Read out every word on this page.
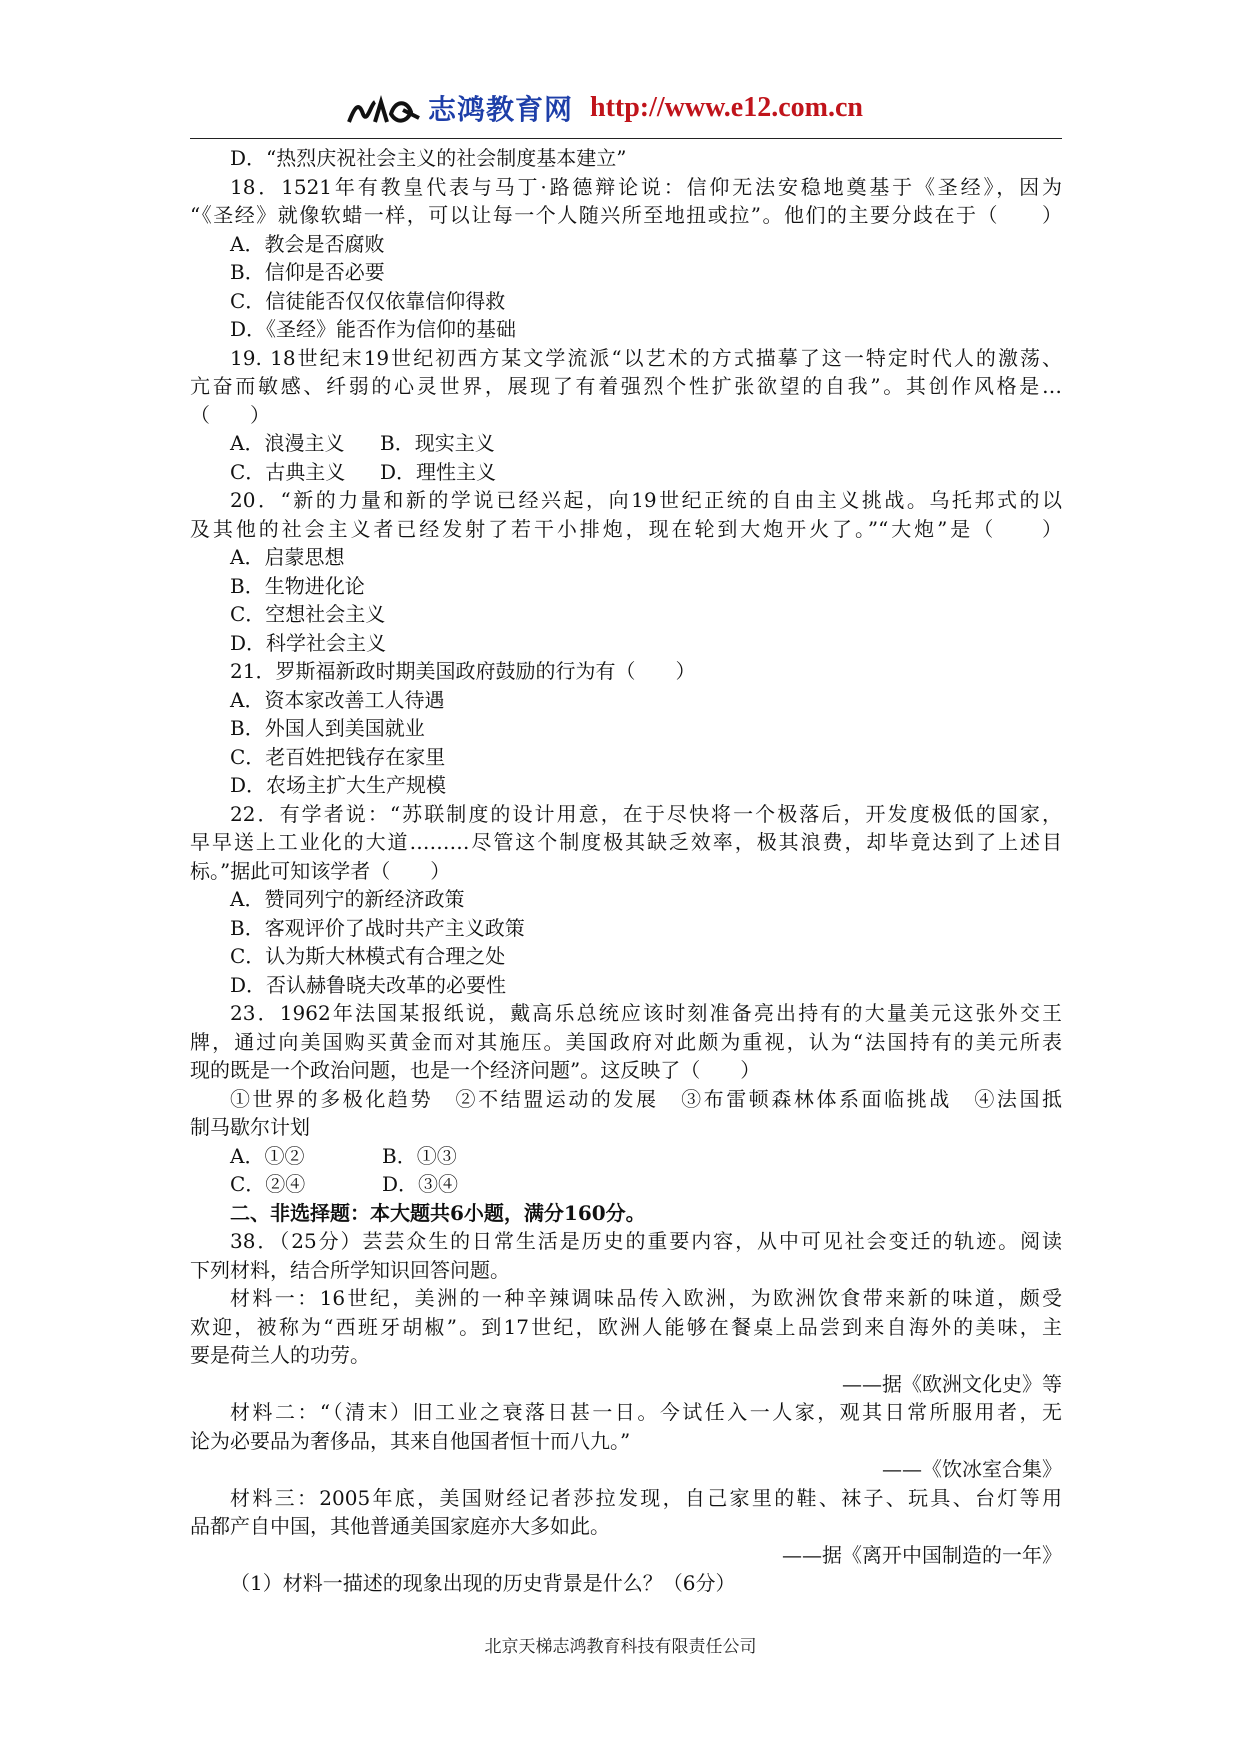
志鸿教育网 http://www.e12.com.cn
D．“热烈庆祝社会主义的社会制度基本建立”
18．1521年有教皇代表与马丁·路德辩论说：信仰无法安稳地奠基于《圣经》，因为
“《圣经》就像软蜡一样，可以让每一个人随兴所至地扭或拉”。他们的主要分歧在于（　　）
A．教会是否腐败
B．信仰是否必要
C．信徒能否仅仅依靠信仰得救
D．《圣经》能否作为信仰的基础
19. 18世纪末19世纪初西方某文学流派“以艺术的方式描摹了这一特定时代人的激荡、
亢奋而敏感、纤弱的心灵世界，展现了有着强烈个性扩张欲望的自我”。其创作风格是…
（　　）
A．浪漫主义 B．现实主义
C．古典主义 D．理性主义
20．“新的力量和新的学说已经兴起，向19世纪正统的自由主义挑战。乌托邦式的以
及其他的社会主义者已经发射了若干小排炮，现在轮到大炮开火了。”“大炮”是（　　）
A．启蒙思想
B．生物进化论
C．空想社会主义
D．科学社会主义
21．罗斯福新政时期美国政府鼓励的行为有（　　）
A．资本家改善工人待遇
B．外国人到美国就业
C．老百姓把钱存在家里
D．农场主扩大生产规模
22．有学者说：“苏联制度的设计用意，在于尽快将一个极落后，开发度极低的国家，
早早送上工业化的大道………尽管这个制度极其缺乏效率，极其浪费，却毕竟达到了上述目
标。”据此可知该学者（　　）
A．赞同列宁的新经济政策
B．客观评价了战时共产主义政策
C．认为斯大林模式有合理之处
D．否认赫鲁晓夫改革的必要性
23．1962年法国某报纸说，戴高乐总统应该时刻准备亮出持有的大量美元这张外交王
牌，通过向美国购买黄金而对其施压。美国政府对此颇为重视，认为“法国持有的美元所表
现的既是一个政治问题，也是一个经济问题”。这反映了（　　）
①世界的多极化趋势　②不结盟运动的发展　③布雷顿森林体系面临挑战　④法国抵
制马歇尔计划
A．①②	B．①③
C．②④	D．③④
二、非选择题：本大题共6小题，满分160分。
38．（25分）芸芸众生的日常生活是历史的重要内容，从中可见社会变迁的轨迹。阅读
下列材料，结合所学知识回答问题。
材料一：16世纪，美洲的一种辛辣调味品传入欧洲，为欧洲饮食带来新的味道，颇受
欢迎，被称为“西班牙胡椒”。到17世纪，欧洲人能够在餐桌上品尝到来自海外的美味，主
要是荷兰人的功劳。
——据《欧洲文化史》等
材料二：“（清末）旧工业之衰落日甚一日。今试任入一人家，观其日常所服用者，无
论为必要品为奢侈品，其来自他国者恒十而八九。”
——《饮冰室合集》
材料三：2005年底，美国财经记者莎拉发现，自己家里的鞋、袜子、玩具、台灯等用
品都产自中国，其他普通美国家庭亦大多如此。
——据《离开中国制造的一年》
（1）材料一描述的现象出现的历史背景是什么？（6分）
北京天梯志鸿教育科技有限责任公司
